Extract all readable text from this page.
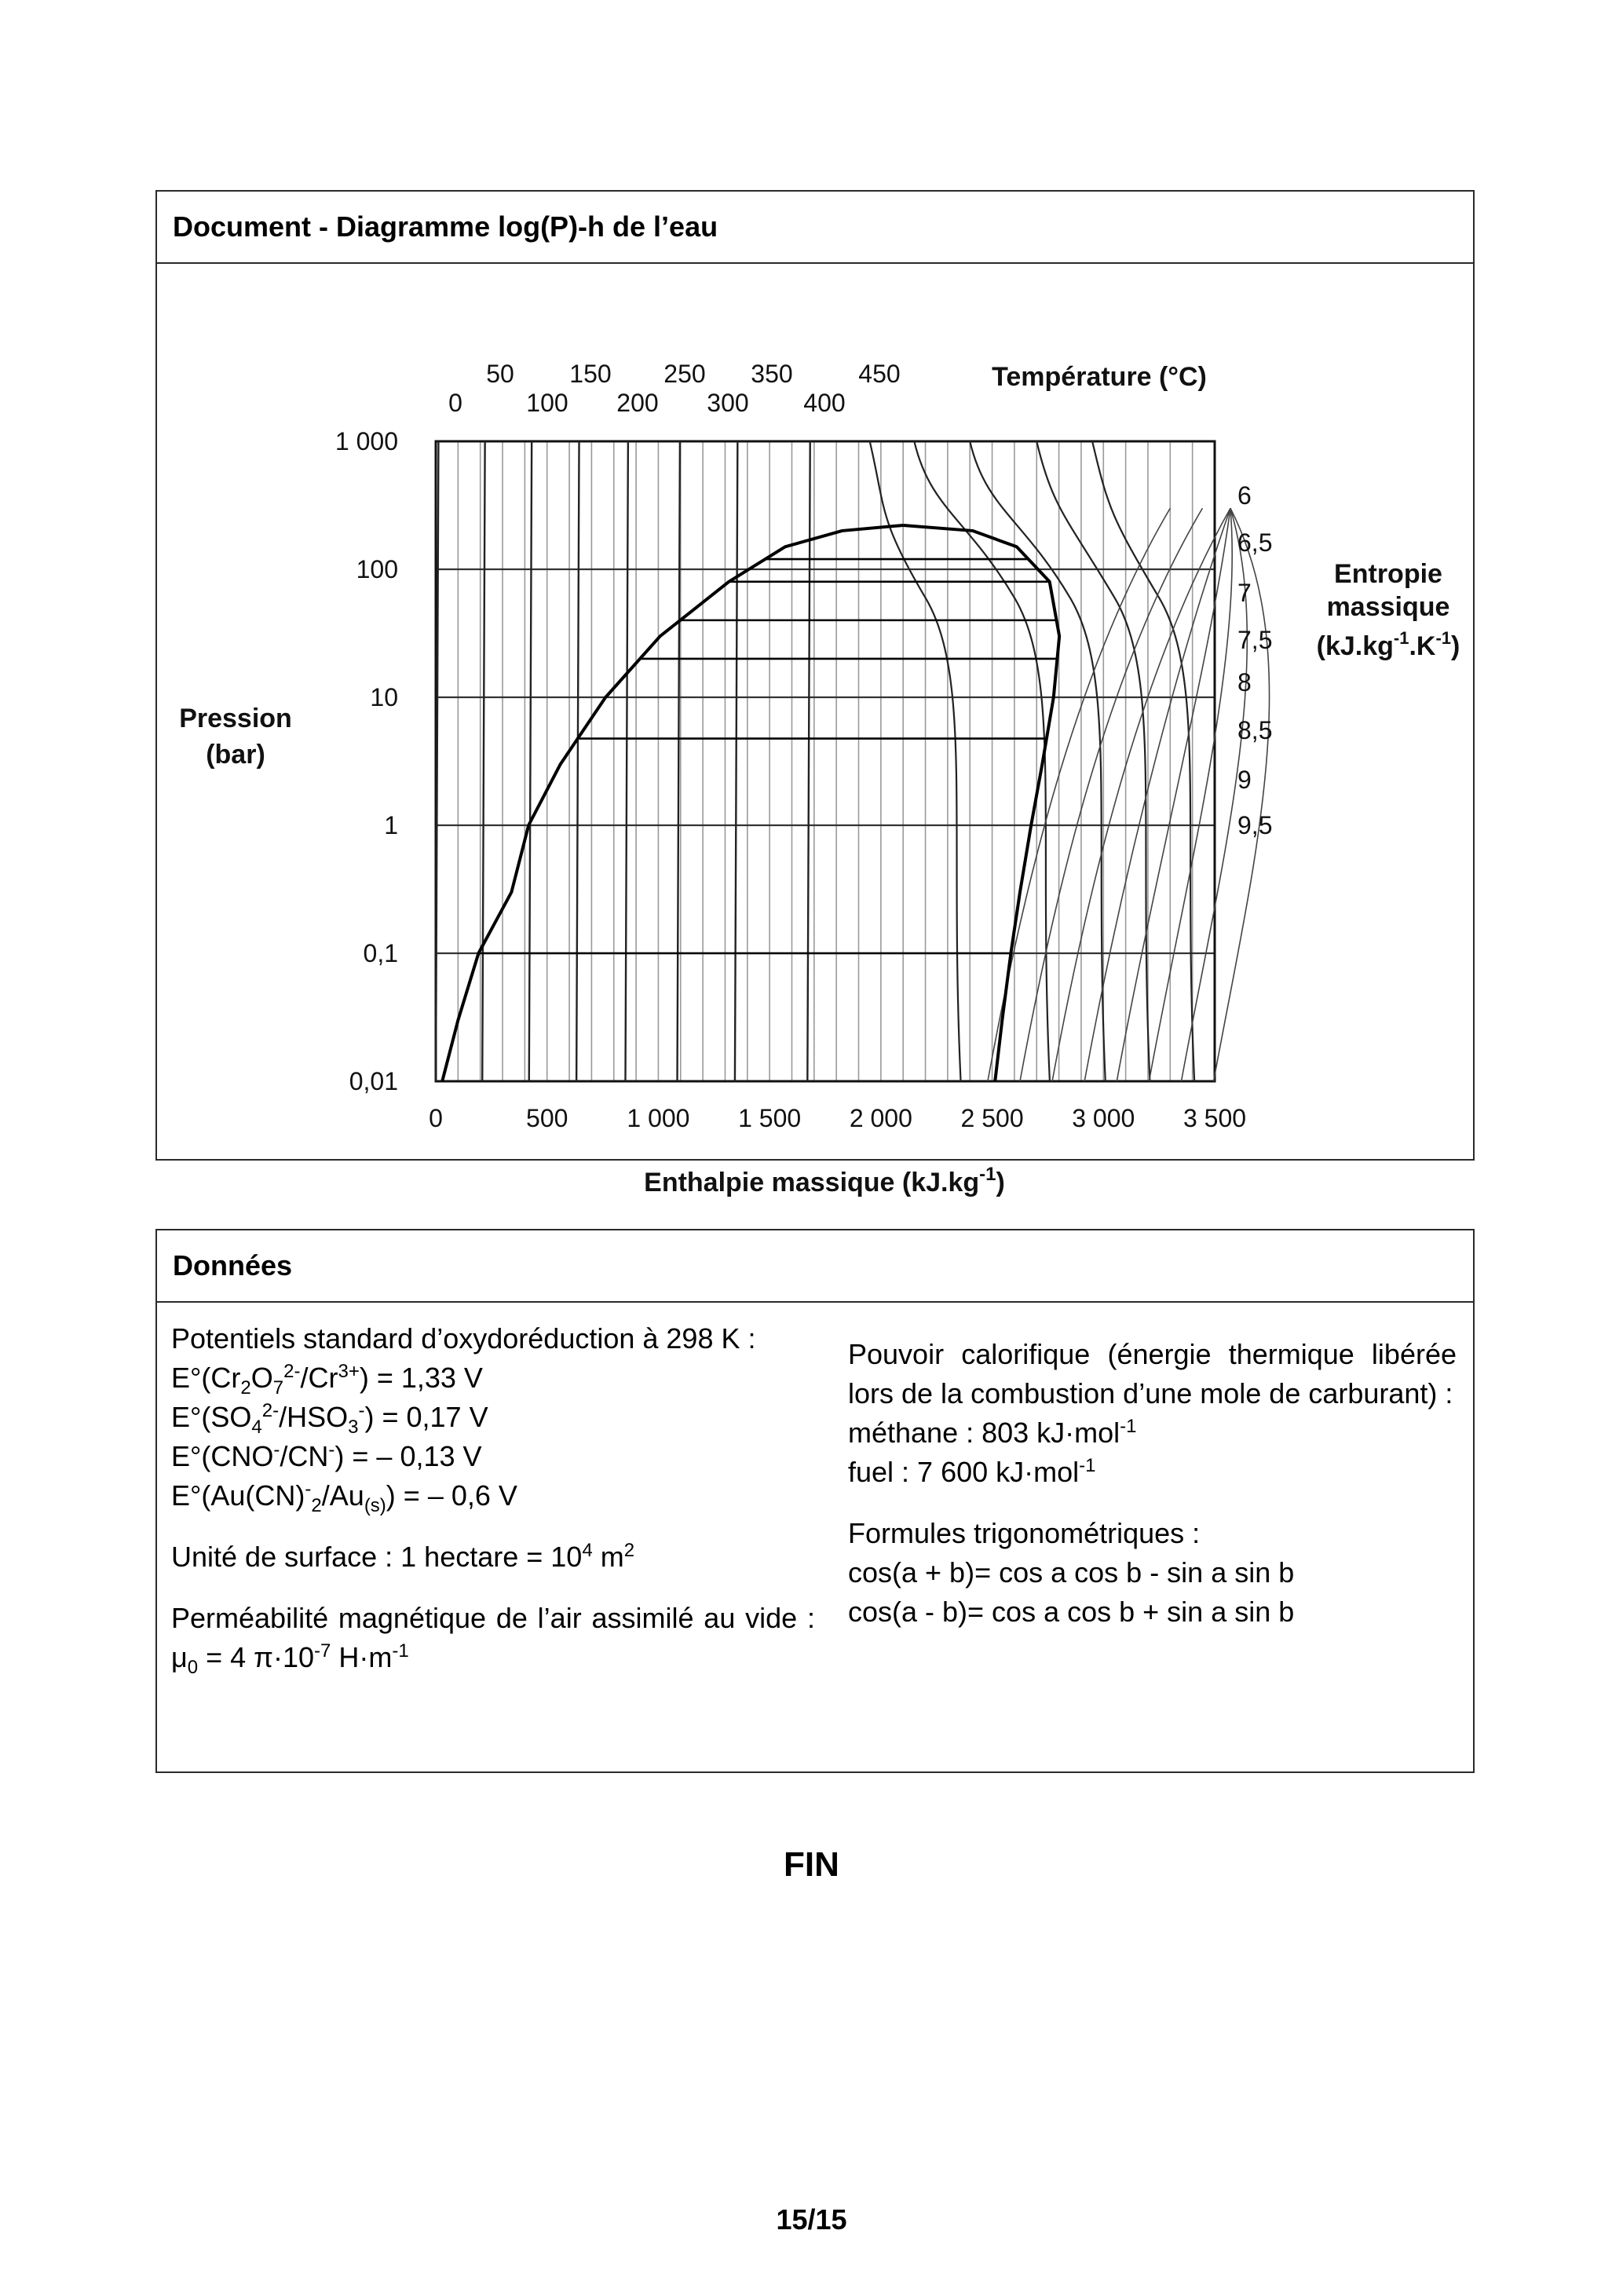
Document - Diagramme log(P)-h de l’eau
0	500 1 000 1 500 2 000 2 500 3 000 3 500
0,01
0,1
1
10
100
1 000
Enthalpie massique $(kJ.kg^{-1})$
Pression
(bar)
50 150 250 350	450
0	100 200 300 400
Température (°C)
6
6,5
7
7,5
8
8,5
9
9,5
Entropie
massique
$(kJ.kg^{-1}.K^{-1})$
Données

Potentiels standard d’oxydoréduction à 298 K :

$E^\circ(Cr_2O_7^{2-}/Cr^{3+}) = 1,33$ V

$E^\circ(SO_4^{2-}/HSO_3^-) = 0,17$ V

E°(CNO-/CN-) = – 0,13 V

$E^\circ(Au(CN)^-_2/Au_{(s)})$ = – 0,6 V

Unité de surface : 1 hectare = $10^4$ $m^2$

Perméabilité magnétique de l’air assimilé au vide : $\mu_0 = 4$ $\pi\cdot 10^{-7}$ $H\cdot m^{-1}$

Pouvoir calorifique (énergie thermique libérée lors de la combustion d’une mole de carburant) :

méthane : 803 kJ·mol$^{-1}$

fuel : 7 600 kJ·mol$^{-1}$

Formules trigonométriques :

cos(a + b)= cos a cos b - sin a sin b

cos(a - b)= cos a cos b + sin a sin b

FIN
15/15
